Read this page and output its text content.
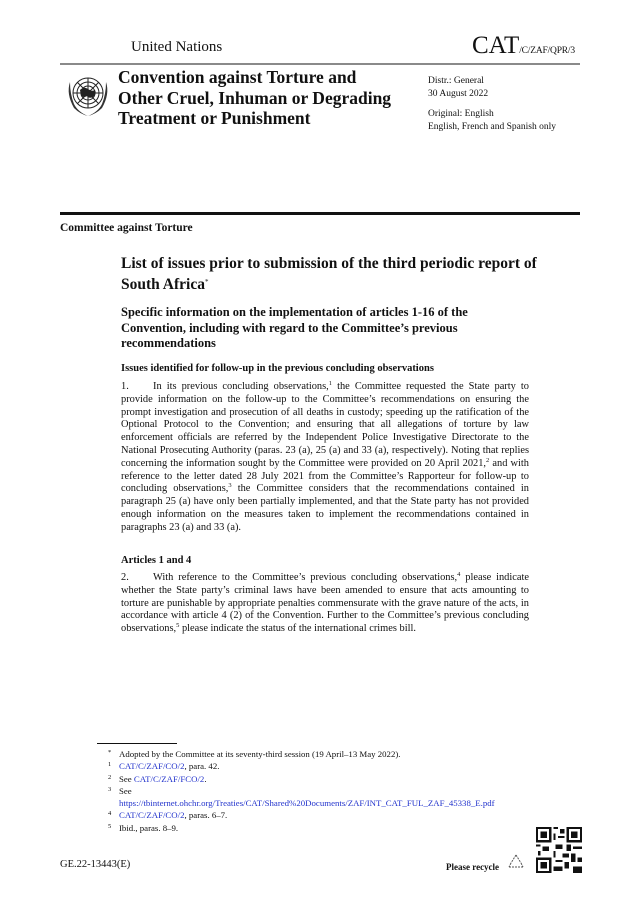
United Nations	CAT/C/ZAF/QPR/3
Convention against Torture and Other Cruel, Inhuman or Degrading Treatment or Punishment
Distr.: General
30 August 2022
Original: English
English, French and Spanish only
Committee against Torture
List of issues prior to submission of the third periodic report of South Africa*
Specific information on the implementation of articles 1-16 of the Convention, including with regard to the Committee’s previous recommendations
Issues identified for follow-up in the previous concluding observations
1. In its previous concluding observations,$^1$ the Committee requested the State party to provide information on the follow-up to the Committee’s recommendations on ensuring the prompt investigation and prosecution of all deaths in custody; speeding up the ratification of the Optional Protocol to the Convention; and ensuring that all allegations of torture by law enforcement officials are referred by the Independent Police Investigative Directorate to the National Prosecuting Authority (paras. 23 (a), 25 (a) and 33 (a), respectively). Noting that replies concerning the information sought by the Committee were provided on 20 April 2021,$^2$ and with reference to the letter dated 28 July 2021 from the Committee’s Rapporteur for follow-up to concluding observations,$^3$ the Committee considers that the recommendations contained in paragraph 25 (a) have only been partially implemented, and that the State party has not provided enough information on the measures taken to implement the recommendations contained in paragraphs 23 (a) and 33 (a).
Articles 1 and 4
2. With reference to the Committee’s previous concluding observations,$^4$ please indicate whether the State party’s criminal laws have been amended to ensure that acts amounting to torture are punishable by appropriate penalties commensurate with the grave nature of the acts, in accordance with article 4 (2) of the Convention. Further to the Committee’s previous concluding observations,$^5$ please indicate the status of the international crimes bill.
* Adopted by the Committee at its seventy-third session (19 April–13 May 2022).
1 CAT/C/ZAF/CO/2, para. 42.
2 See CAT/C/ZAF/FCO/2.
3 See
https://tbinternet.ohchr.org/Treaties/CAT/Shared%20Documents/ZAF/INT_CAT_FUL_ZAF_45338_E.pdf
4 CAT/C/ZAF/CO/2, paras. 6–7.
5 Ibid., paras. 8–9.
GE.22-13443(E)	Please recycle
